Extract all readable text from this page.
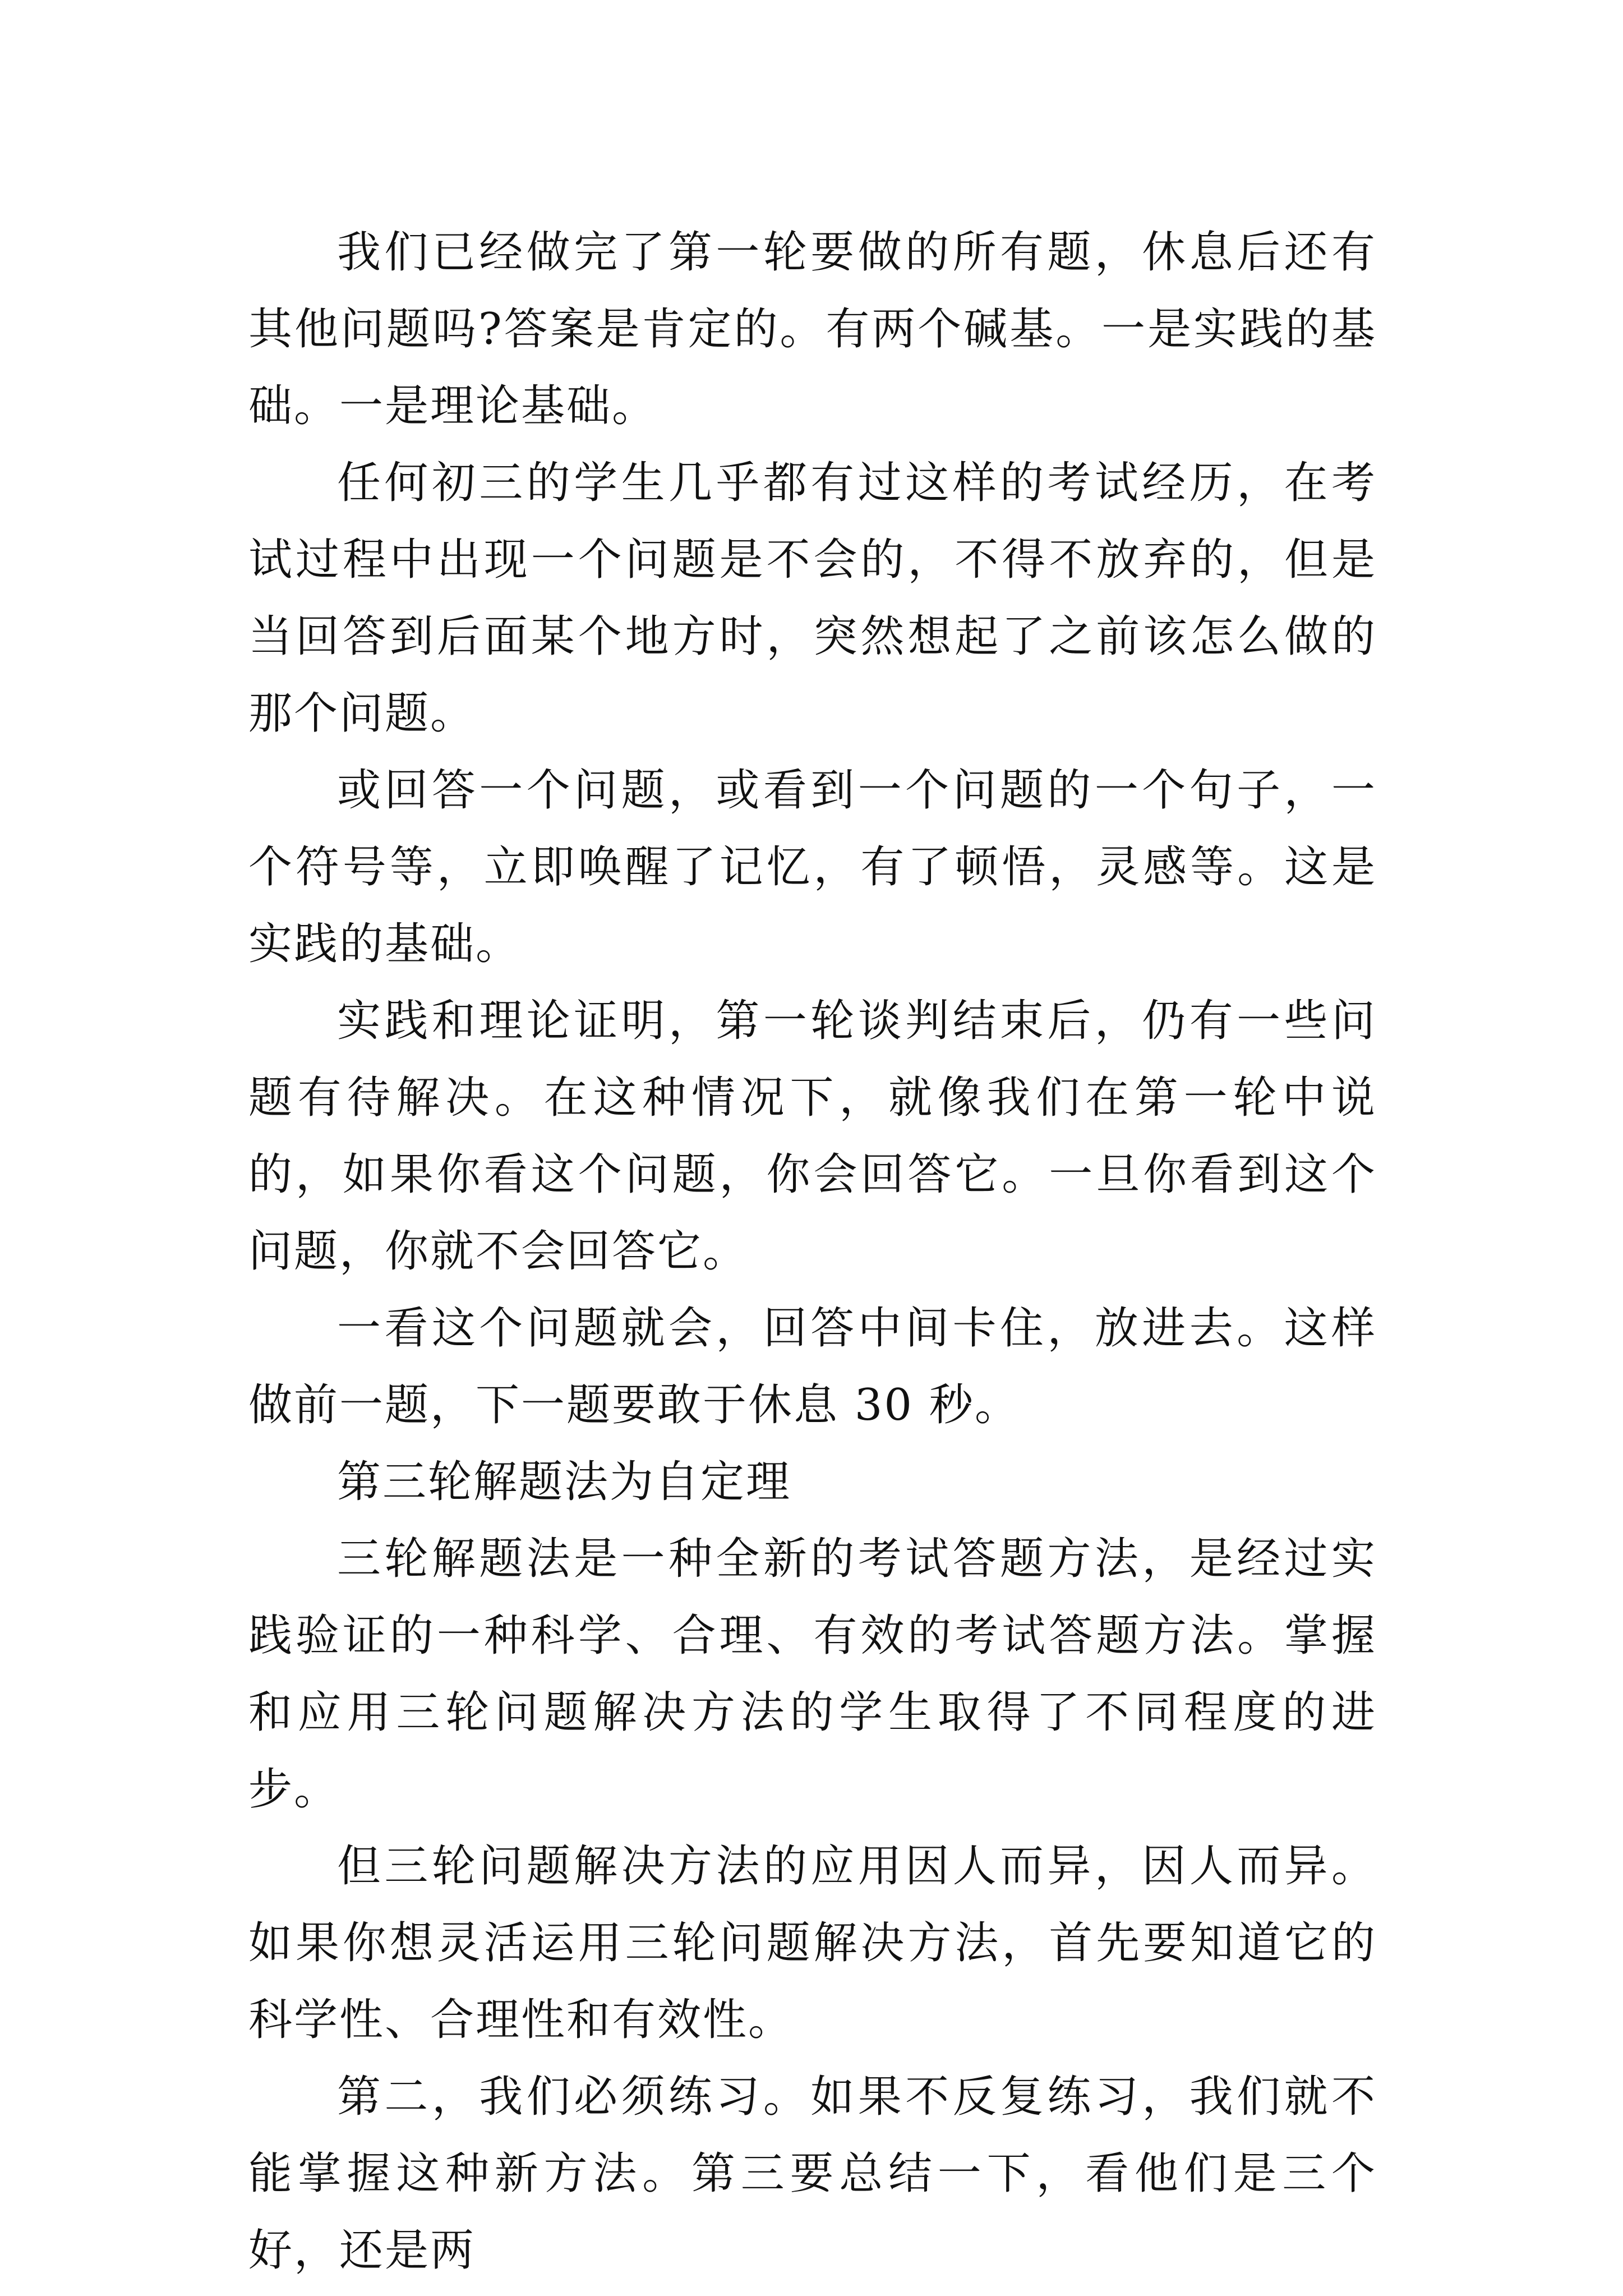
我们已经做完了第一轮要做的所有题，休息后还有其他问题吗?答案是肯定的。有两个碱基。一是实践的基础。一是理论基础。

任何初三的学生几乎都有过这样的考试经历，在考试过程中出现一个问题是不会的，不得不放弃的，但是当回答到后面某个地方时，突然想起了之前该怎么做的那个问题。

或回答一个问题，或看到一个问题的一个句子，一个符号等，立即唤醒了记忆，有了顿悟，灵感等。这是实践的基础。

实践和理论证明，第一轮谈判结束后，仍有一些问题有待解决。在这种情况下，就像我们在第一轮中说的，如果你看这个问题，你会回答它。一旦你看到这个问题，你就不会回答它。

一看这个问题就会，回答中间卡住，放进去。这样做前一题，下一题要敢于休息 30 秒。

第三轮解题法为自定理

三轮解题法是一种全新的考试答题方法，是经过实践验证的一种科学、合理、有效的考试答题方法。掌握和应用三轮问题解决方法的学生取得了不同程度的进步。

但三轮问题解决方法的应用因人而异，因人而异。如果你想灵活运用三轮问题解决方法，首先要知道它的科学性、合理性和有效性。

第二，我们必须练习。如果不反复练习，我们就不能掌握这种新方法。第三要总结一下，看他们是三个好，还是两
